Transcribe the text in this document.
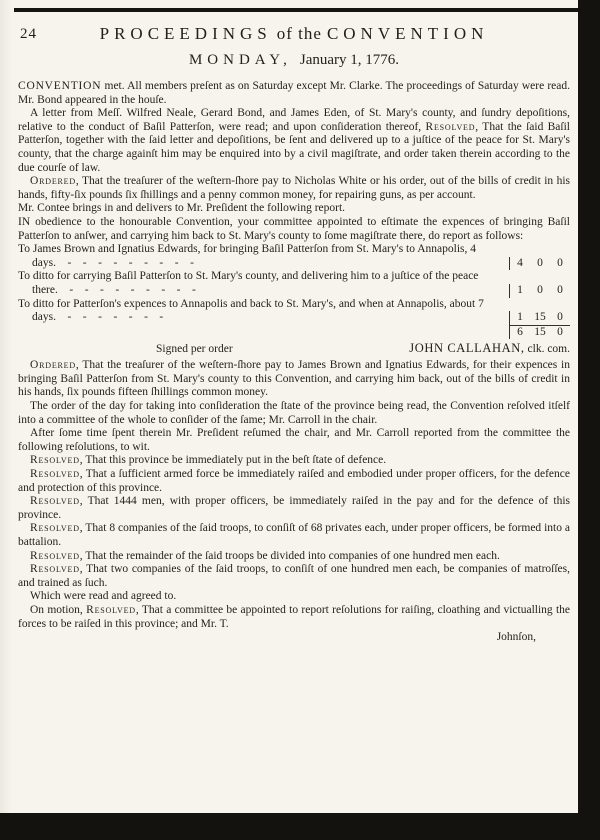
24	PROCEEDINGS of the CONVENTION
MONDAY, January 1, 1776.

CONVENTION met. All members preſent as on Saturday except Mr. Clarke. The proceedings of Saturday were read. Mr. Bond appeared in the houſe.

A letter from Meſſ. Wilfred Neale, Gerard Bond, and James Eden, of St. Mary's county, and ſundry depoſitions, relative to the conduct of Baſil Patterſon, were read; and upon conſideration thereof, Resolved, That the ſaid Baſil Patterſon, together with the ſaid letter and depoſitions, be ſent and delivered up to a juſtice of the peace for St. Mary's county, that the charge againſt him may be enquired into by a civil magiſtrate, and order taken therein according to the due courſe of law.

Ordered, That the treaſurer of the weſtern-ſhore pay to Nicholas White or his order, out of the bills of credit in his hands, fifty-ſix pounds ſix ſhillings and a penny common money, for repairing guns, as per account.

Mr. Contee brings in and delivers to Mr. Preſident the following report.

IN obedience to the honourable Convention, your committee appointed to eſtimate the expences of bringing Baſil Patterſon to anſwer, and carrying him back to St. Mary's county to ſome magiſtrate there, do report as follows:

To James Brown and Ignatius Edwards, for bringing Baſil Patterſon from St. Mary's to Annapolis, 4 days. - - - - - - - - -	4	0	0
To ditto for carrying Baſil Patterſon to St. Mary's county, and delivering him to a juſtice of the peace there. - - - - - - - - -	1	0	0
To ditto for Patterſon's expences to Annapolis and back to St. Mary's, and when at Annapolis, about 7 days. - - - - - - -	1 15 0
6 15 0
Signed per order	JOHN CALLAHAN, clk. com.

Ordered, That the treaſurer of the weſtern-ſhore pay to James Brown and Ignatius Edwards, for their expences in bringing Baſil Patterſon from St. Mary's county to this Convention, and carrying him back, out of the bills of credit in his hands, ſix pounds fifteen ſhillings common money.

The order of the day for taking into conſideration the ſtate of the province being read, the Convention reſolved itſelf into a committee of the whole to conſider of the ſame; Mr. Carroll in the chair.

After ſome time ſpent therein Mr. Preſident reſumed the chair, and Mr. Carroll reported from the committee the following reſolutions, to wit.

Resolved, That this province be immediately put in the beſt ſtate of defence.

Resolved, That a ſufficient armed force be immediately raiſed and embodied under proper officers, for the defence and protection of this province.

Resolved, That 1444 men, with proper officers, be immediately raiſed in the pay and for the defence of this province.

Resolved, That 8 companies of the ſaid troops, to conſiſt of 68 privates each, under proper officers, be formed into a battalion.

Resolved, That the remainder of the ſaid troops be divided into companies of one hundred men each.

Resolved, That two companies of the ſaid troops, to conſiſt of one hundred men each, be companies of matroſſes, and trained as ſuch.

Which were read and agreed to.

On motion, Resolved, That a committee be appointed to report reſolutions for raiſing, cloathing and victualling the forces to be raiſed in this province; and Mr. T.

Johnſon,
